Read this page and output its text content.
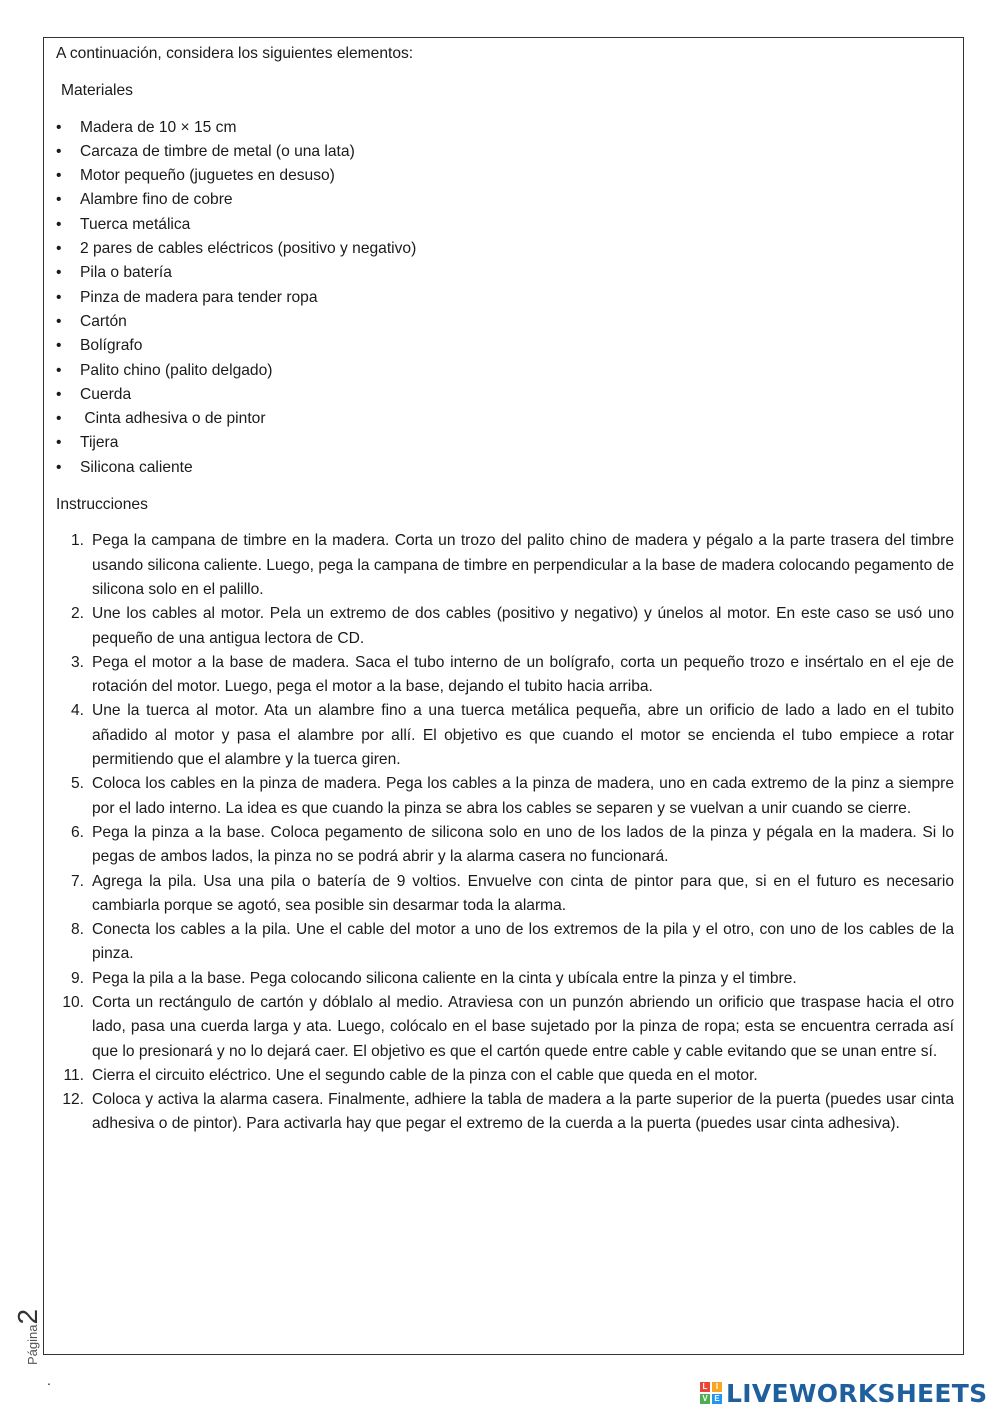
A continuación, considera los siguientes elementos:

Materiales

• Madera de 10 × 15 cm
• Carcaza de timbre de metal (o una lata)
• Motor pequeño (juguetes en desuso)
• Alambre fino de cobre
• Tuerca metálica
• 2 pares de cables eléctricos (positivo y negativo)
• Pila o batería
• Pinza de madera para tender ropa
• Cartón
• Bolígrafo
• Palito chino (palito delgado)
• Cuerda
• Cinta adhesiva o de pintor
• Tijera
• Silicona caliente

Instrucciones

1. Pega la campana de timbre en la madera. Corta un trozo del palito chino de madera y pégalo a la parte trasera del timbre usando silicona caliente. Luego, pega la campana de timbre en perpendicular a la base de madera colocando pegamento de silicona solo en el palillo.
2. Une los cables al motor. Pela un extremo de dos cables (positivo y negativo) y únelos al motor. En este caso se usó uno pequeño de una antigua lectora de CD.
3. Pega el motor a la base de madera. Saca el tubo interno de un bolígrafo, corta un pequeño trozo e insértalo en el eje de rotación del motor. Luego, pega el motor a la base, dejando el tubito hacia arriba.
4. Une la tuerca al motor. Ata un alambre fino a una tuerca metálica pequeña, abre un orificio de lado a lado en el tubito añadido al motor y pasa el alambre por allí. El objetivo es que cuando el motor se encienda el tubo empiece a rotar permitiendo que el alambre y la tuerca giren.
5. Coloca los cables en la pinza de madera. Pega los cables a la pinza de madera, uno en cada extremo de la pinz a siempre por el lado interno. La idea es que cuando la pinza se abra los cables se separen y se vuelvan a unir cuando se cierre.
6. Pega la pinza a la base. Coloca pegamento de silicona solo en uno de los lados de la pinza y pégala en la madera. Si lo pegas de ambos lados, la pinza no se podrá abrir y la alarma casera no funcionará.
7. Agrega la pila. Usa una pila o batería de 9 voltios. Envuelve con cinta de pintor para que, si en el futuro es necesario cambiarla porque se agotó, sea posible sin desarmar toda la alarma.
8. Conecta los cables a la pila. Une el cable del motor a uno de los extremos de la pila y el otro, con uno de los cables de la pinza.
9. Pega la pila a la base. Pega colocando silicona caliente en la cinta y ubícala entre la pinza y el timbre.
10. Corta un rectángulo de cartón y dóblalo al medio. Atraviesa con un punzón abriendo un orificio que traspase hacia el otro lado, pasa una cuerda larga y ata. Luego, colócalo en el base sujetado por la pinza de ropa; esta se encuentra cerrada así que lo presionará y no lo dejará caer. El objetivo es que el cartón quede entre cable y cable evitando que se unan entre sí.
11. Cierra el circuito eléctrico. Une el segundo cable de la pinza con el cable que queda en el motor.
12. Coloca y activa la alarma casera. Finalmente, adhiere la tabla de madera a la parte superior de la puerta (puedes usar cinta adhesiva o de pintor). Para activarla hay que pegar el extremo de la cuerda a la puerta (puedes usar cinta adhesiva).
Página2
.	L	I
V E LIVEWORKSHEETS
